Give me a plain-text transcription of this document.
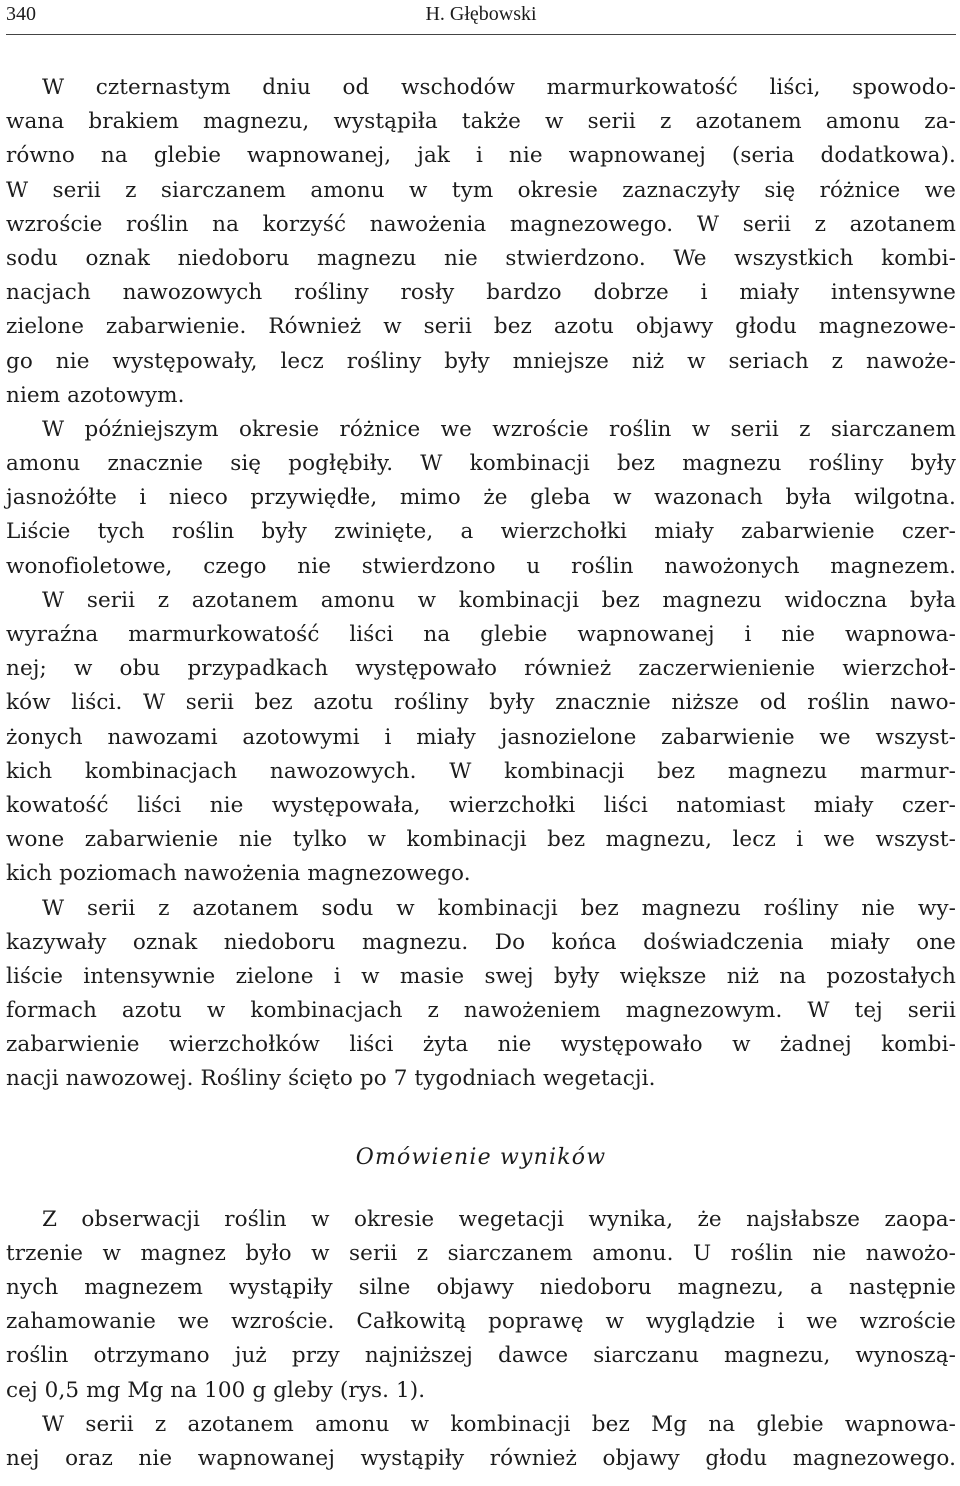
340	H. Głębowski
W czternastym dniu od wschodów marmurkowatość liści, spowodo-
wana brakiem magnezu, wystąpiła także w serii z azotanem amonu za-
równo na glebie wapnowanej, jak i nie wapnowanej (seria dodatkowa).
W serii z siarczanem amonu w tym okresie zaznaczyły się różnice we
wzroście roślin na korzyść nawożenia magnezowego. W serii z azotanem
sodu oznak niedoboru magnezu nie stwierdzono. We wszystkich kombi-
nacjach nawozowych rośliny rosły bardzo dobrze i miały intensywne
zielone zabarwienie. Również w serii bez azotu objawy głodu magnezowe-
go nie występowały, lecz rośliny były mniejsze niż w seriach z nawoże-
niem azotowym.
W późniejszym okresie różnice we wzroście roślin w serii z siarczanem
amonu znacznie się pogłębiły. W kombinacji bez magnezu rośliny były
jasnożółte i nieco przywiędłe, mimo że gleba w wazonach była wilgotna.
Liście tych roślin były zwinięte, a wierzchołki miały zabarwienie czer-
wonofioletowe, czego nie stwierdzono u roślin nawożonych magnezem.
W serii z azotanem amonu w kombinacji bez magnezu widoczna była
wyraźna marmurkowatość liści na glebie wapnowanej i nie wapnowa-
nej; w obu przypadkach występowało również zaczerwienienie wierzchoł-
ków liści. W serii bez azotu rośliny były znacznie niższe od roślin nawo-
żonych nawozami azotowymi i miały jasnozielone zabarwienie we wszyst-
kich kombinacjach nawozowych. W kombinacji bez magnezu marmur-
kowatość liści nie występowała, wierzchołki liści natomiast miały czer-
wone zabarwienie nie tylko w kombinacji bez magnezu, lecz i we wszyst-
kich poziomach nawożenia magnezowego.
W serii z azotanem sodu w kombinacji bez magnezu rośliny nie wy-
kazywały oznak niedoboru magnezu. Do końca doświadczenia miały one
liście intensywnie zielone i w masie swej były większe niż na pozostałych
formach azotu w kombinacjach z nawożeniem magnezowym. W tej serii
zabarwienie wierzchołków liści żyta nie występowało w żadnej kombi-
nacji nawozowej. Rośliny ścięto po 7 tygodniach wegetacji.
Omówienie wyników
Z obserwacji roślin w okresie wegetacji wynika, że najsłabsze zaopa-
trzenie w magnez było w serii z siarczanem amonu. U roślin nie nawożo-
nych magnezem wystąpiły silne objawy niedoboru magnezu, a następnie
zahamowanie we wzroście. Całkowitą poprawę w wyglądzie i we wzroście
roślin otrzymano już przy najniższej dawce siarczanu magnezu, wynoszą-
cej 0,5 mg Mg na 100 g gleby (rys. 1).
W serii z azotanem amonu w kombinacji bez Mg na glebie wapnowa-
nej oraz nie wapnowanej wystąpiły również objawy głodu magnezowego.
